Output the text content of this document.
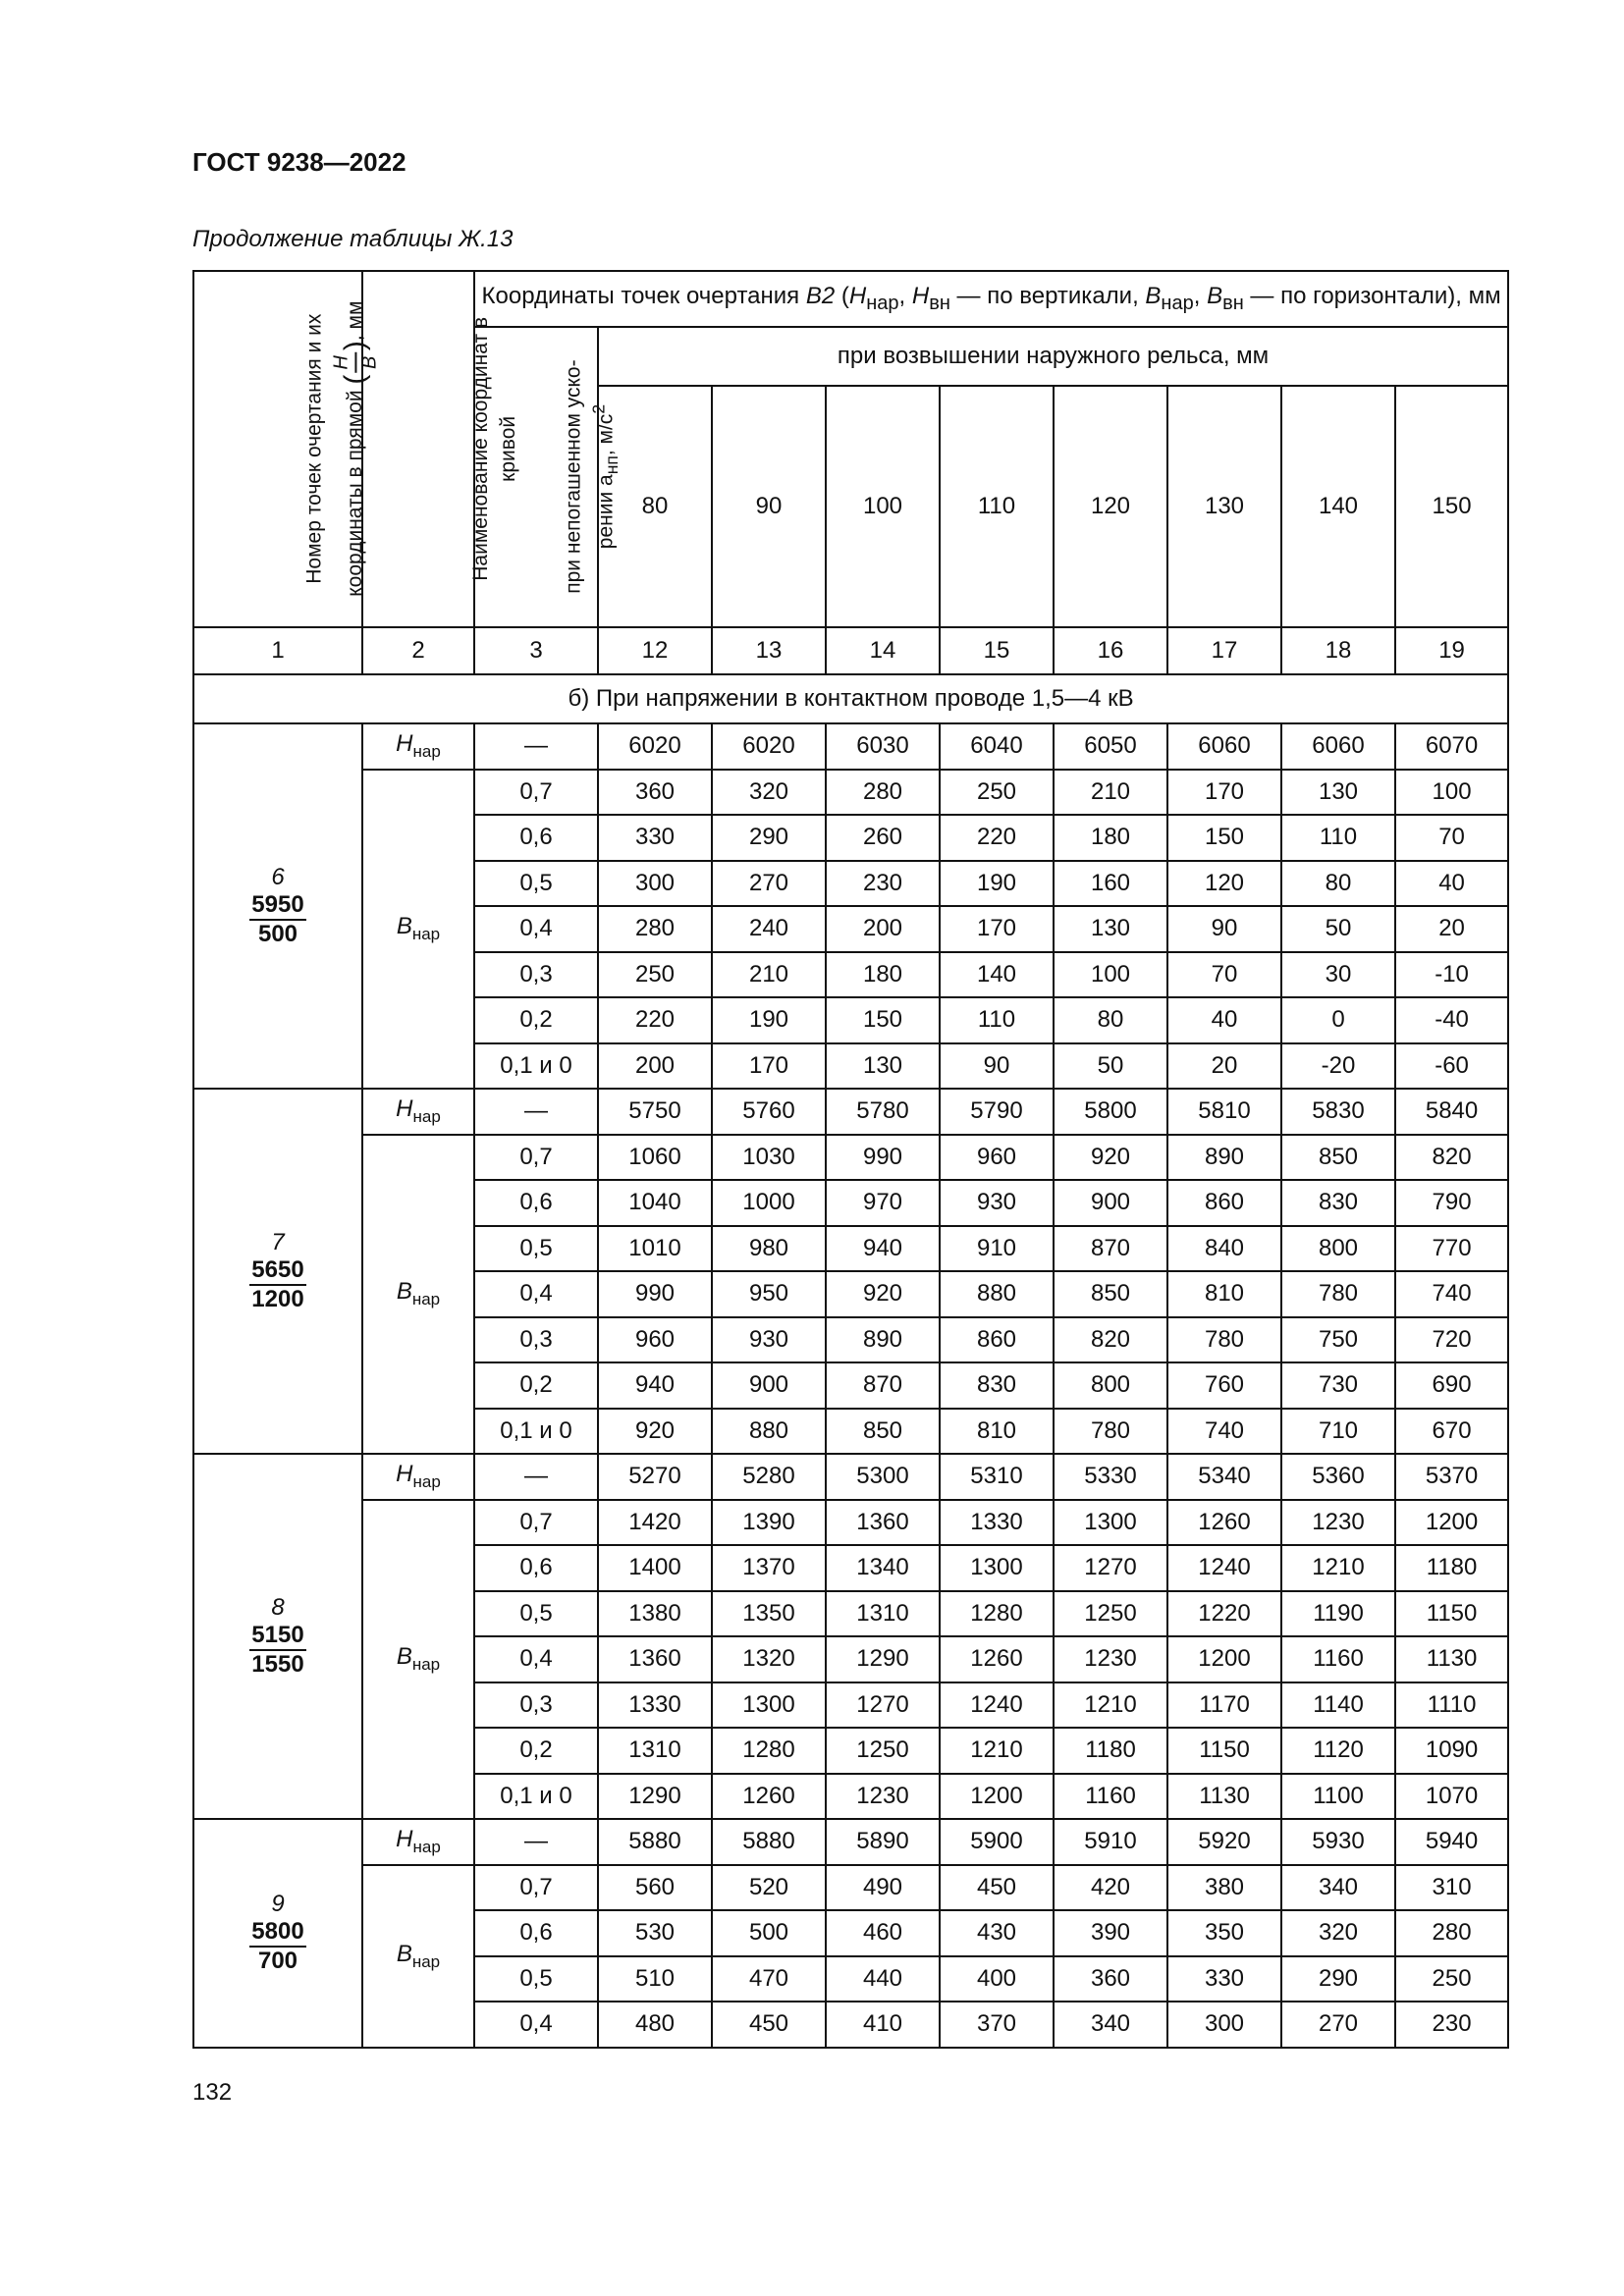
ГОСТ 9238—2022
Продолжение таблицы Ж.13
Номер точек очертания и их координаты в прямой (
H B
), мм	Наименование координат в кривой	Координаты точек очертания В2 ($H_{нар}$, $H_{вн}$ — по вертикали, $В_{нар}$, $В_{вн}$ — по горизонтали), мм								
		при непогашенном уско- рении $a_{нп}$, $м/с^2$	при возвышении наружного рельса, мм							
			80	90	100	110	120	130	140	150
1	2	3	12	13	14	15	16	17	18	19
б) При напряжении в контактном проводе 1,5—4 кВ										

6
5950
500	$H_{нар}$	—	6020	6020	6030	6040	6050	6060	6060	6070
	$В_{нар}$	0,7	360	320	280	250	210	170	130	100
		0,6	330	290	260	220	180	150	110	70
		0,5	300	270	230	190	160	120	80	40
		0,4	280	240	200	170	130	90	50	20
		0,3	250	210	180	140	100	70	30	-10
		0,2	220	190	150	110	80	40	0	-40
		0,1 и 0	200	170	130	90	50	20	-20	-60

7
5650
1200	$H_{нар}$	—	5750	5760	5780	5790	5800	5810	5830	5840
	$В_{нар}$	0,7	1060	1030	990	960	920	890	850	820
		0,6	1040	1000	970	930	900	860	830	790
		0,5	1010	980	940	910	870	840	800	770
		0,4	990	950	920	880	850	810	780	740
		0,3	960	930	890	860	820	780	750	720
		0,2	940	900	870	830	800	760	730	690
		0,1 и 0	920	880	850	810	780	740	710	670

8
5150
1550	$H_{нар}$	—	5270	5280	5300	5310	5330	5340	5360	5370
	$В_{нар}$	0,7	1420	1390	1360	1330	1300	1260	1230	1200
		0,6	1400	1370	1340	1300	1270	1240	1210	1180
		0,5	1380	1350	1310	1280	1250	1220	1190	1150
		0,4	1360	1320	1290	1260	1230	1200	1160	1130
		0,3	1330	1300	1270	1240	1210	1170	1140	1110
		0,2	1310	1280	1250	1210	1180	1150	1120	1090
		0,1 и 0	1290	1260	1230	1200	1160	1130	1100	1070

9
5800
700	$H_{нар}$	—	5880	5880	5890	5900	5910	5920	5930	5940
	$В_{нар}$	0,7	560	520	490	450	420	380	340	310
		0,6	530	500	460	430	390	350	320	280
		0,5	510	470	440	400	360	330	290	250
		0,4	480	450	410	370	340	300	270	230
132
